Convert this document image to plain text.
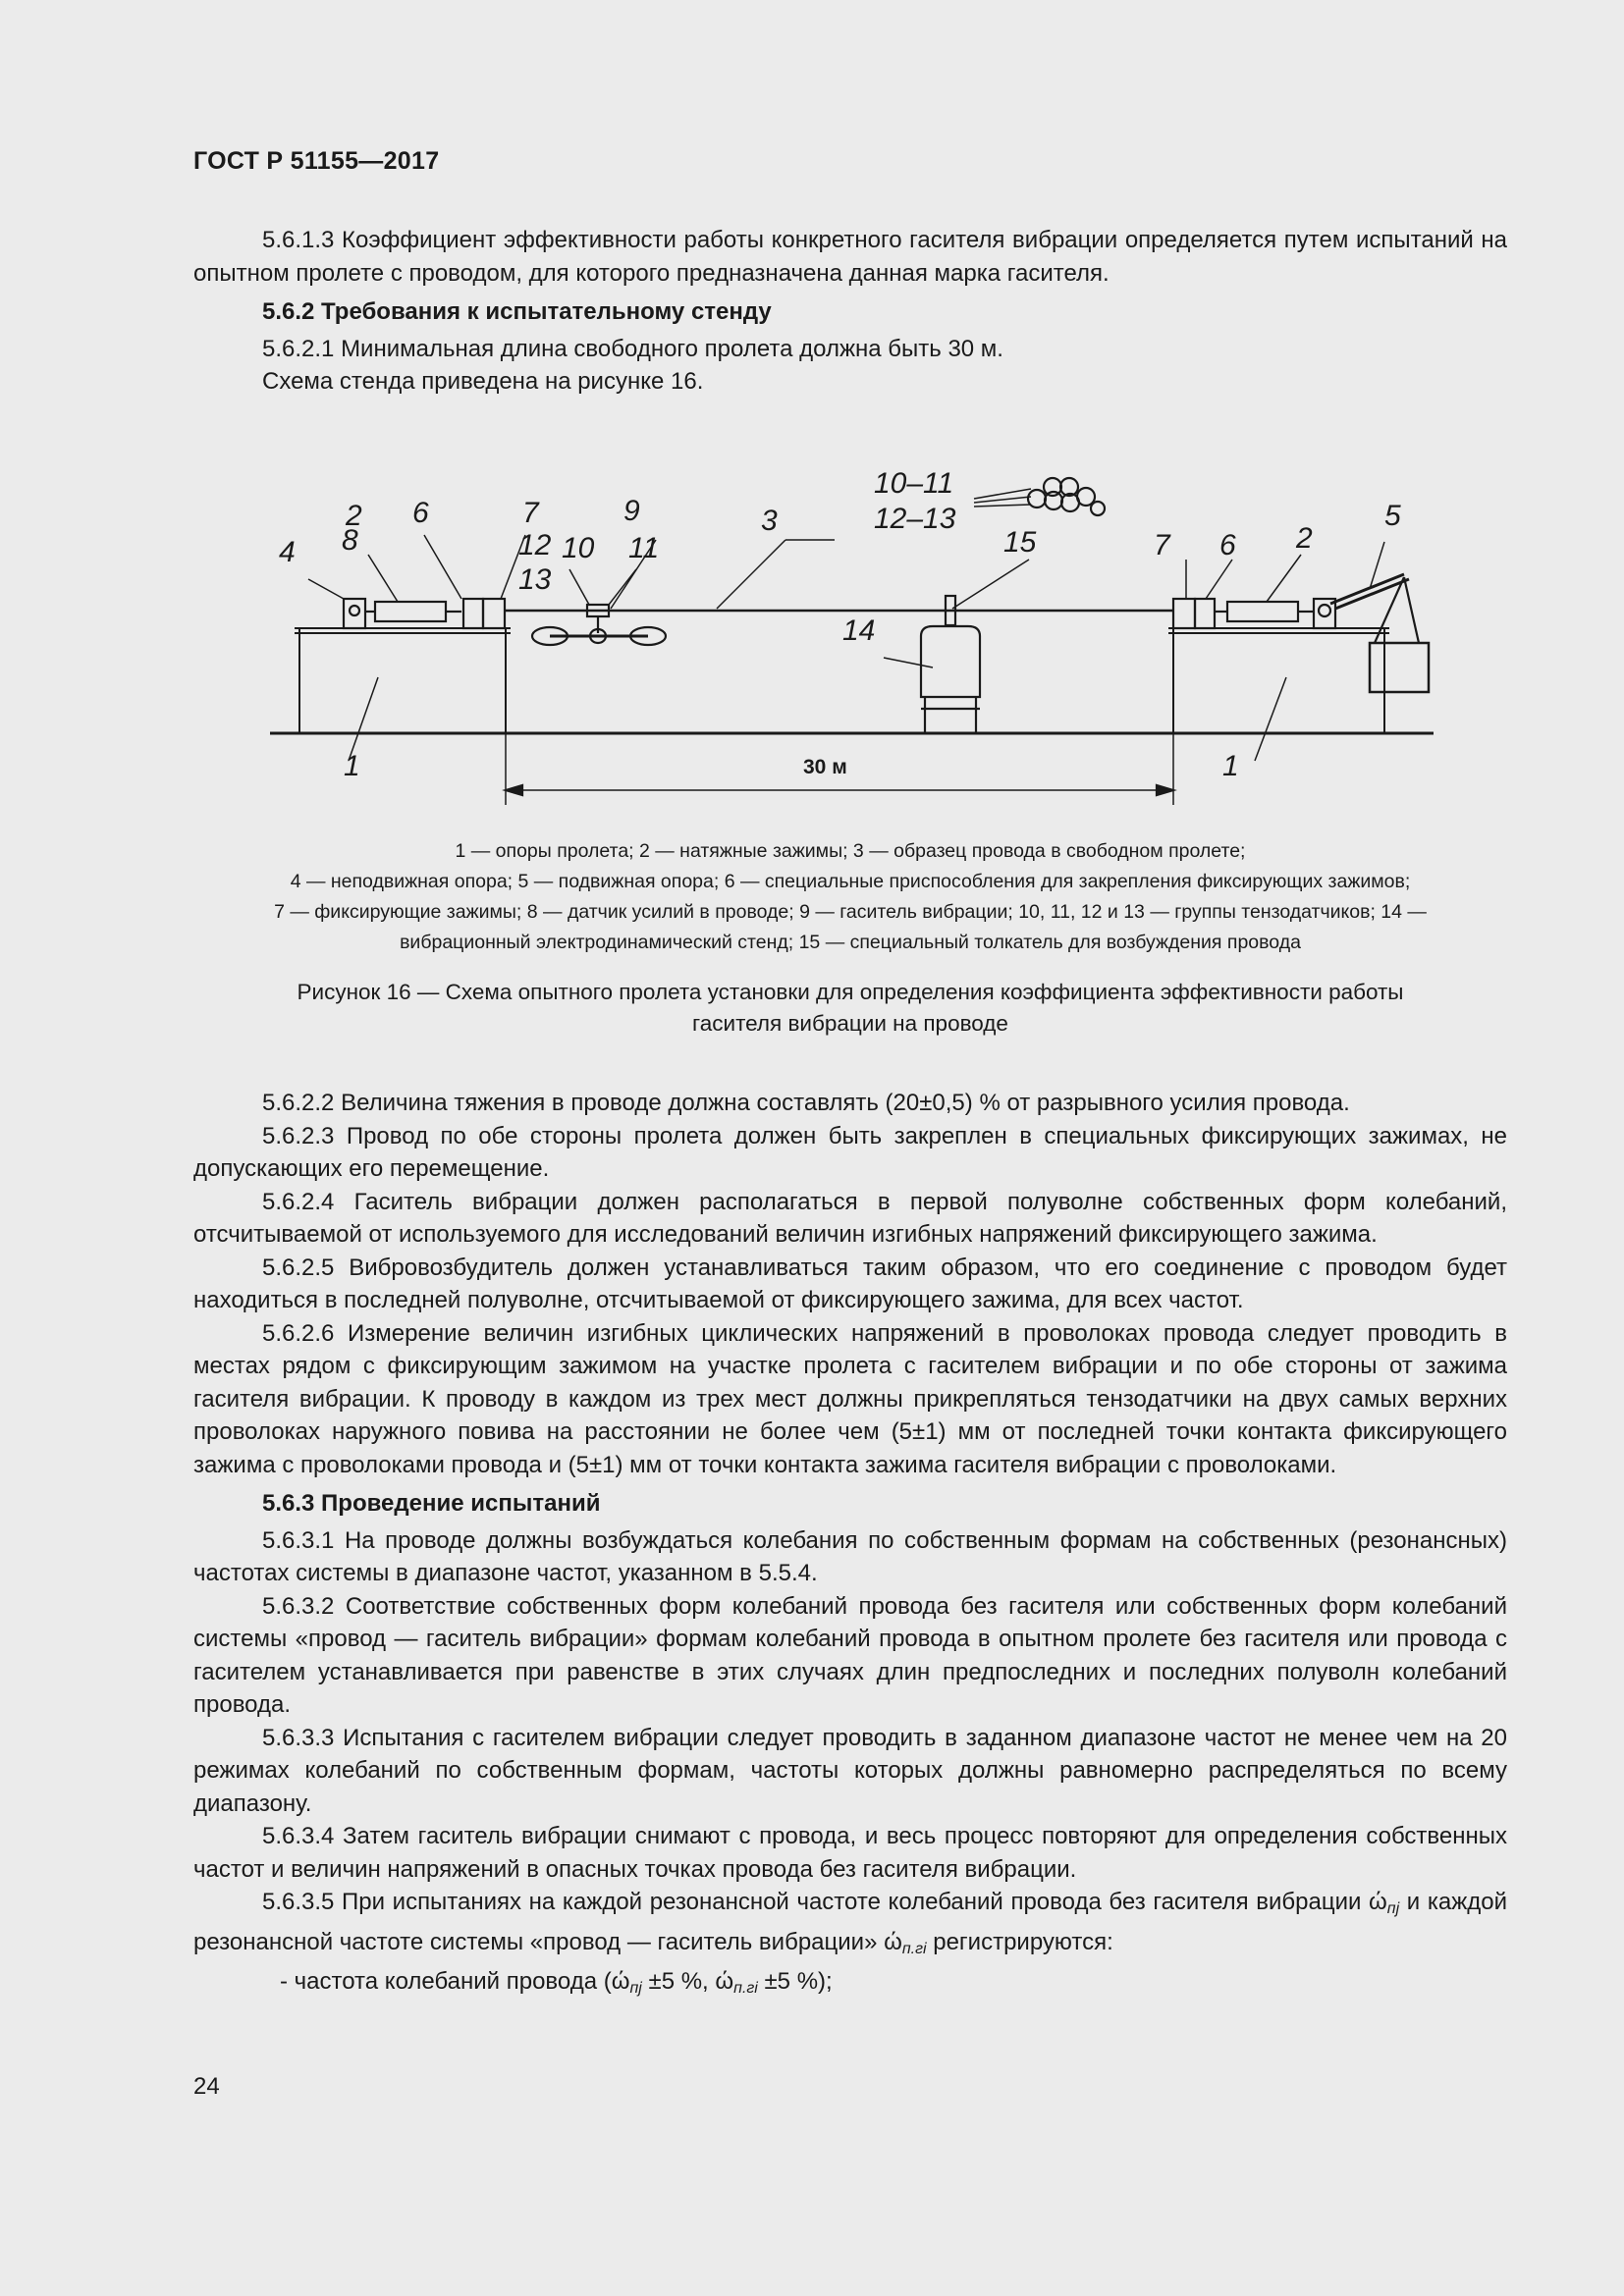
ГОСТ Р 51155—2017

5.6.1.3 Коэффициент эффективности работы конкретного гасителя вибрации определяется путем испытаний на опытном пролете с проводом, для которого предназначена данная марка гасителя.

5.6.2 Требования к испытательному стенду

5.6.2.1 Минимальная длина свободного пролета должна быть 30 м.

Схема стенда приведена на рисунке 16.

4 8
2 6	7
12
13
10
9
11
3
10–11
12–13
15
14
7 6 2
5
1	1
30 м
1 — опоры пролета; 2 — натяжные зажимы; 3 — образец провода в свободном пролете;
4 — неподвижная опора; 5 — подвижная опора; 6 — специальные приспособления для закрепления фиксирующих зажимов;
7 — фиксирующие зажимы; 8 — датчик усилий в проводе; 9 — гаситель вибрации; 10, 11, 12 и 13 — группы тензодатчиков; 14 —
вибрационный электродинамический стенд; 15 — специальный толкатель для возбуждения провода
Рисунок 16 — Схема опытного пролета установки для определения коэффициента эффективности работы
гасителя вибрации на проводе

5.6.2.2 Величина тяжения в проводе должна составлять (20±0,5) % от разрывного усилия провода.

5.6.2.3 Провод по обе стороны пролета должен быть закреплен в специальных фиксирующих зажимах, не допускающих его перемещение.

5.6.2.4 Гаситель вибрации должен располагаться в первой полуволне собственных форм колебаний, отсчитываемой от используемого для исследований величин изгибных напряжений фиксирующего зажима.

5.6.2.5 Вибровозбудитель должен устанавливаться таким образом, что его соединение с проводом будет находиться в последней полуволне, отсчитываемой от фиксирующего зажима, для всех частот.

5.6.2.6 Измерение величин изгибных циклических напряжений в проволоках провода следует проводить в местах рядом с фиксирующим зажимом на участке пролета с гасителем вибрации и по обе стороны от зажима гасителя вибрации. К проводу в каждом из трех мест должны прикрепляться тензодатчики на двух самых верхних проволоках наружного повива на расстоянии не более чем (5±1) мм от последней точки контакта фиксирующего зажима с проволоками провода и (5±1) мм от точки контакта зажима гасителя вибрации с проволоками.

5.6.3 Проведение испытаний

5.6.3.1 На проводе должны возбуждаться колебания по собственным формам на собственных (резонансных) частотах системы в диапазоне частот, указанном в 5.5.4.

5.6.3.2 Соответствие собственных форм колебаний провода без гасителя или собственных форм колебаний системы «провод — гаситель вибрации» формам колебаний провода в опытном пролете без гасителя или провода с гасителем устанавливается при равенстве в этих случаях длин предпоследних и последних полуволн колебаний провода.

5.6.3.3 Испытания с гасителем вибрации следует проводить в заданном диапазоне частот не менее чем на 20 режимах колебаний по собственным формам, частоты которых должны равномерно распределяться по всему диапазону.

5.6.3.4 Затем гаситель вибрации снимают с провода, и весь процесс повторяют для определения собственных частот и величин напряжений в опасных точках провода без гасителя вибрации.

5.6.3.5 При испытаниях на каждой резонансной частоте колебаний провода без гасителя вибрации $ώ_{пj}$ и каждой резонансной частоте системы «провод — гаситель вибрации» $ώ_{п.гi}$ регистрируются:

- частота колебаний провода ($ώ_{пj} \pm 5$ %, $ώ_{п.гi} \pm 5$ %);

24
